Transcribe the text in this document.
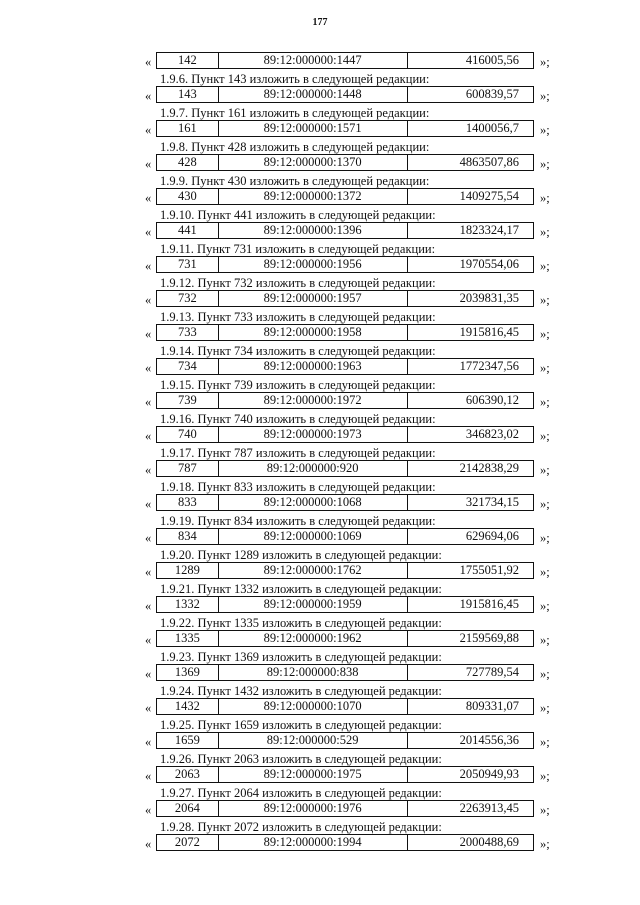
177
«	142	89:12:000000:1447	416005,56	»;
1.9.6. Пункт 143 изложить в следующей редакции:
«	143	89:12:000000:1448	600839,57	»;
1.9.7. Пункт 161 изложить в следующей редакции:
«	161	89:12:000000:1571	1400056,7	»;
1.9.8. Пункт 428 изложить в следующей редакции:
«	428	89:12:000000:1370	4863507,86	»;
1.9.9. Пункт 430 изложить в следующей редакции:
«	430	89:12:000000:1372	1409275,54	»;
1.9.10. Пункт 441 изложить в следующей редакции:
«	441	89:12:000000:1396	1823324,17	»;
1.9.11. Пункт 731 изложить в следующей редакции:
«	731	89:12:000000:1956	1970554,06	»;
1.9.12. Пункт 732 изложить в следующей редакции:
«	732	89:12:000000:1957	2039831,35	»;
1.9.13. Пункт 733 изложить в следующей редакции:
«	733	89:12:000000:1958	1915816,45	»;
1.9.14. Пункт 734 изложить в следующей редакции:
«	734	89:12:000000:1963	1772347,56	»;
1.9.15. Пункт 739 изложить в следующей редакции:
«	739	89:12:000000:1972	606390,12	»;
1.9.16. Пункт 740 изложить в следующей редакции:
«	740	89:12:000000:1973	346823,02	»;
1.9.17. Пункт 787 изложить в следующей редакции:
«	787	89:12:000000:920	2142838,29	»;
1.9.18. Пункт 833 изложить в следующей редакции:
«	833	89:12:000000:1068	321734,15	»;
1.9.19. Пункт 834 изложить в следующей редакции:
«	834	89:12:000000:1069	629694,06	»;
1.9.20. Пункт 1289 изложить в следующей редакции:
«	1289	89:12:000000:1762	1755051,92	»;
1.9.21. Пункт 1332 изложить в следующей редакции:
«	1332	89:12:000000:1959	1915816,45	»;
1.9.22. Пункт 1335 изложить в следующей редакции:
«	1335	89:12:000000:1962	2159569,88	»;
1.9.23. Пункт 1369 изложить в следующей редакции:
«	1369	89:12:000000:838	727789,54	»;
1.9.24. Пункт 1432 изложить в следующей редакции:
«	1432	89:12:000000:1070	809331,07	»;
1.9.25. Пункт 1659 изложить в следующей редакции:
«	1659	89:12:000000:529	2014556,36	»;
1.9.26. Пункт 2063 изложить в следующей редакции:
«	2063	89:12:000000:1975	2050949,93	»;
1.9.27. Пункт 2064 изложить в следующей редакции:
«	2064	89:12:000000:1976	2263913,45	»;
1.9.28. Пункт 2072 изложить в следующей редакции:
«	2072	89:12:000000:1994	2000488,69	»;
